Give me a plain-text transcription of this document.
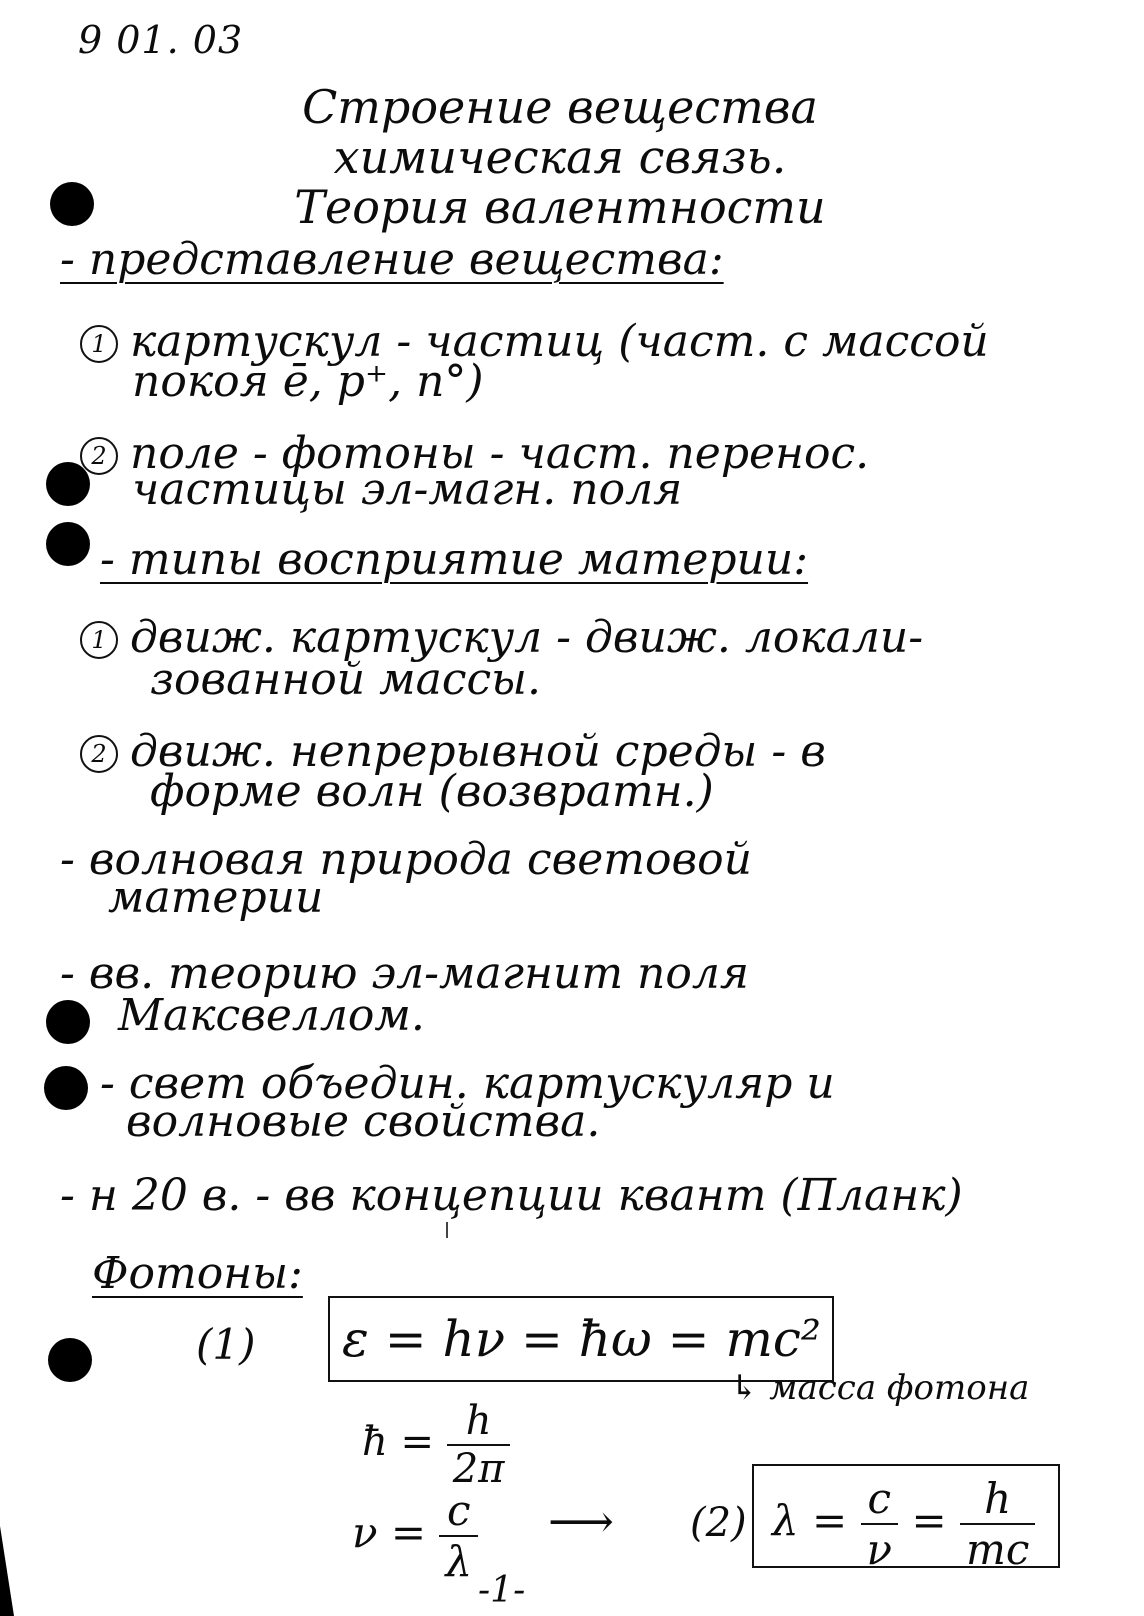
9 01. 03
Строение вещества
химическая связь.
Теория валентности
- представление вещества:
1 картускул - частиц (част. с массой
покоя ē, p⁺, n°)
2 поле - фотоны - част. перенос.
частицы эл-магн. поля
- типы восприятие материи:
1 движ. картускул - движ. локали-
зованной массы.
2 движ. непрерывной среды - в
форме волн (возвратн.)
- волновая природа световой
материи
- вв. теорию эл-магнит поля
Максвеллом.
- свет объедин. картускуляр и
волновые свойства.
- н 20 в. - вв концепции квант (Планк)
Фотоны:
(1) ε = hν = ħω = mc²
↳ масса фотона
ħ = $\frac{h}{2\pi}$
$\nu = \frac{c}{\lambda}$ ⟶ (2) $\lambda = \frac{c}{\nu} = \frac{h}{mc}$
-1-
